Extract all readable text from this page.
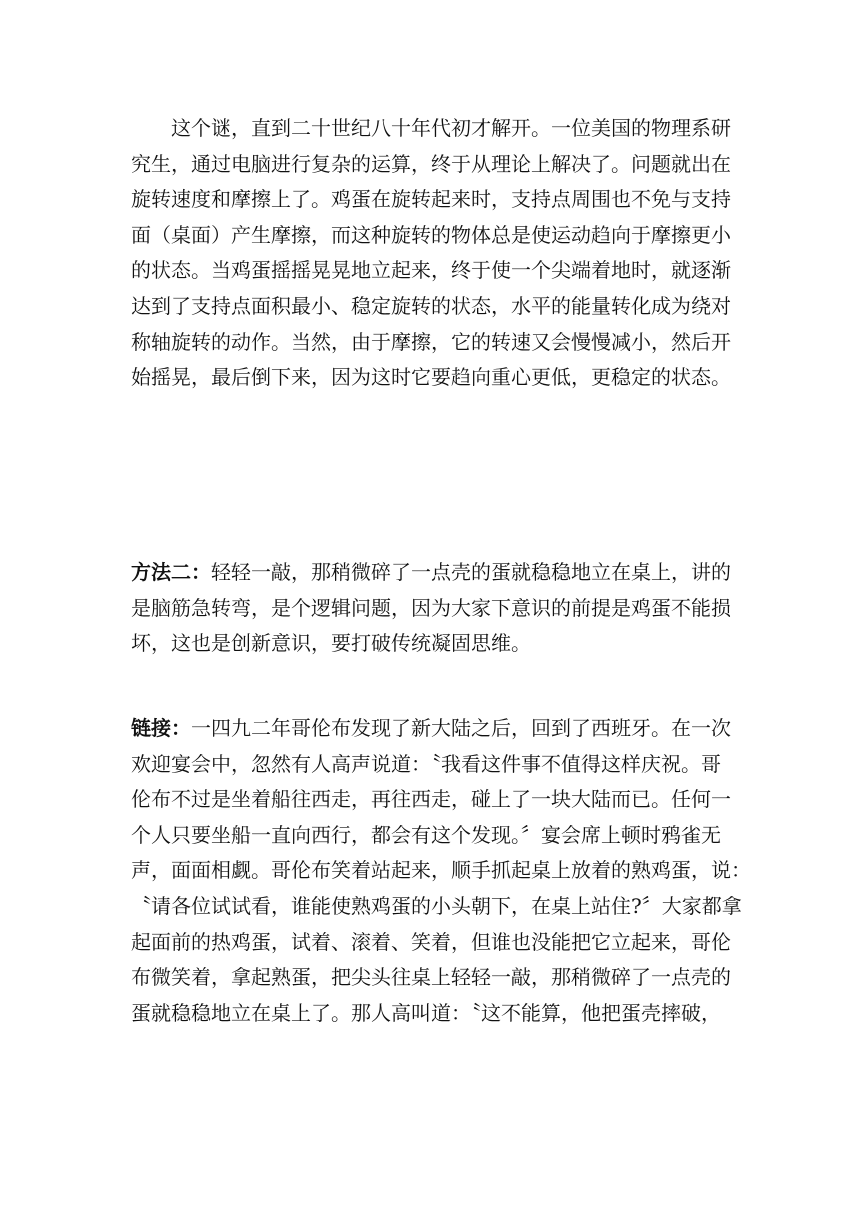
这个谜，直到二十世纪八十年代初才解开。一位美国的物理系研
究生，通过电脑进行复杂的运算，终于从理论上解决了。问题就出在
旋转速度和摩擦上了。鸡蛋在旋转起来时，支持点周围也不免与支持
面（桌面）产生摩擦，而这种旋转的物体总是使运动趋向于摩擦更小
的状态。当鸡蛋摇摇晃晃地立起来，终于使一个尖端着地时，就逐渐
达到了支持点面积最小、稳定旋转的状态，水平的能量转化成为绕对
称轴旋转的动作。当然，由于摩擦，它的转速又会慢慢减小，然后开
始摇晃，最后倒下来，因为这时它要趋向重心更低，更稳定的状态。
方法二：轻轻一敲，那稍微碎了一点壳的蛋就稳稳地立在桌上，讲的
是脑筋急转弯，是个逻辑问题，因为大家下意识的前提是鸡蛋不能损
坏，这也是创新意识，要打破传统凝固思维。
链接：一四九二年哥伦布发现了新大陆之后，回到了西班牙。在一次
欢迎宴会中，忽然有人高声说道：〝我看这件事不值得这样庆祝。哥
伦布不过是坐着船往西走，再往西走，碰上了一块大陆而已。任何一
个人只要坐船一直向西行，都会有这个发现。〞宴会席上顿时鸦雀无
声，面面相觑。哥伦布笑着站起来，顺手抓起桌上放着的熟鸡蛋，说：
〝请各位试试看，谁能使熟鸡蛋的小头朝下，在桌上站住?〞大家都拿
起面前的热鸡蛋，试着、滚着、笑着，但谁也没能把它立起来，哥伦
布微笑着，拿起熟蛋，把尖头往桌上轻轻一敲，那稍微碎了一点壳的
蛋就稳稳地立在桌上了。那人高叫道：〝这不能算，他把蛋壳摔破，
